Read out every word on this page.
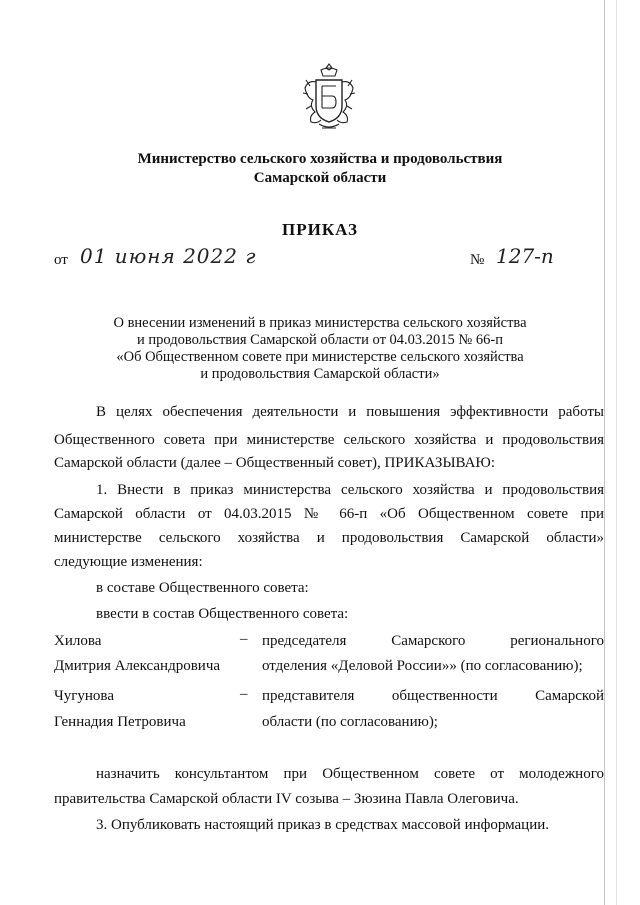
Министерство сельского хозяйства и продовольствия
Самарской области
ПРИКАЗ
от 01 июня 2022 г	№ 127-п
О внесении изменений в приказ министерства сельского хозяйства
и продовольствия Самарской области от 04.03.2015 № 66-п
«Об Общественном совете при министерстве сельского хозяйства
и продовольствия Самарской области»
В целях обеспечения деятельности и повышения эффективности работы
Общественного совета при министерстве сельского хозяйства и продовольствия
Самарской области (далее – Общественный совет), ПРИКАЗЫВАЮ:
1. Внести в приказ министерства сельского хозяйства и продовольствия
Самарской области от 04.03.2015 № 66-п «Об Общественном совете при
министерстве сельского хозяйства и продовольствия Самарской области»
следующие изменения:
в составе Общественного совета:
ввести в состав Общественного совета:
Хилова	– председателя Самарского регионального
Дмитрия Александровича	отделения «Деловой России»» (по согласованию);
Чугунова	– представителя общественности Самарской
Геннадия Петровича	области (по согласованию);
назначить консультантом при Общественном совете от молодежного
правительства Самарской области IV созыва – Зюзина Павла Олеговича.
3. Опубликовать настоящий приказ в средствах массовой информации.
